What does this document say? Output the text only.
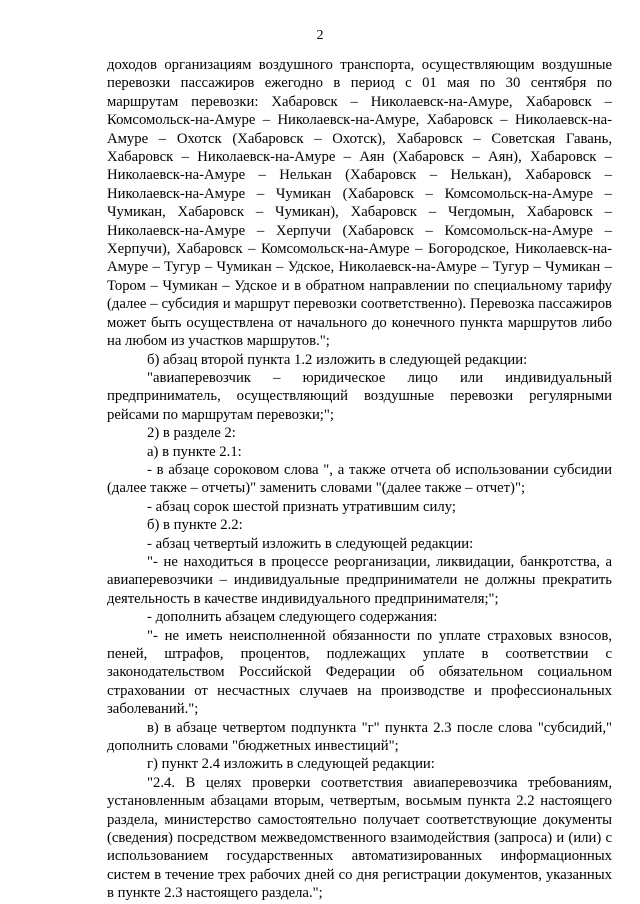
2

доходов организациям воздушного транспорта, осуществляющим воздушные перевозки пассажиров ежегодно в период с 01 мая по 30 сентября по маршрутам перевозки: Хабаровск – Николаевск-на-Амуре, Хабаровск – Комсомольск-на-Амуре – Николаевск-на-Амуре, Хабаровск – Николаевск-на-Амуре – Охотск (Хабаровск – Охотск), Хабаровск – Советская Гавань, Хабаровск – Николаевск-на-Амуре – Аян (Хабаровск – Аян), Хабаровск – Николаевск-на-Амуре – Нелькан (Хабаровск – Нелькан), Хабаровск – Николаевск-на-Амуре – Чумикан (Хабаровск – Комсомольск-на-Амуре – Чумикан, Хабаровск – Чумикан), Хабаровск – Чегдомын, Хабаровск – Николаевск-на-Амуре – Херпучи (Хабаровск – Комсомольск-на-Амуре – Херпучи), Хабаровск – Комсомольск-на-Амуре – Богородское, Николаевск-на-Амуре – Тугур – Чумикан – Удское, Николаевск-на-Амуре – Тугур – Чумикан – Тором – Чумикан – Удское и в обратном направлении по специальному тарифу (далее – субсидия и маршрут перевозки соответственно). Перевозка пассажиров может быть осуществлена от начального до конечного пункта маршрутов либо на любом из участков маршрутов.";

б) абзац второй пункта 1.2 изложить в следующей редакции:

"авиаперевозчик – юридическое лицо или индивидуальный предприниматель, осуществляющий воздушные перевозки регулярными рейсами по маршрутам перевозки;";

2) в разделе 2:

а) в пункте 2.1:

- в абзаце сороковом слова ", а также отчета об использовании субсидии (далее также – отчеты)" заменить словами "(далее также – отчет)";

- абзац сорок шестой признать утратившим силу;

б) в пункте 2.2:

- абзац четвертый изложить в следующей редакции:

"- не находиться в процессе реорганизации, ликвидации, банкротства, а авиаперевозчики – индивидуальные предприниматели не должны прекратить деятельность в качестве индивидуального предпринимателя;";

- дополнить абзацем следующего содержания:

"- не иметь неисполненной обязанности по уплате страховых взносов, пеней, штрафов, процентов, подлежащих уплате в соответствии с законодательством Российской Федерации об обязательном социальном страховании от несчастных случаев на производстве и профессиональных заболеваний.";

в) в абзаце четвертом подпункта "г" пункта 2.3 после слова "субсидий," дополнить словами "бюджетных инвестиций";

г) пункт 2.4 изложить в следующей редакции:

"2.4. В целях проверки соответствия авиаперевозчика требованиям, установленным абзацами вторым, четвертым, восьмым пункта 2.2 настоящего раздела, министерство самостоятельно получает соответствующие документы (сведения) посредством межведомственного взаимодействия (запроса) и (или) с использованием государственных автоматизированных информационных систем в течение трех рабочих дней со дня регистрации документов, указанных в пункте 2.3 настоящего раздела.";
